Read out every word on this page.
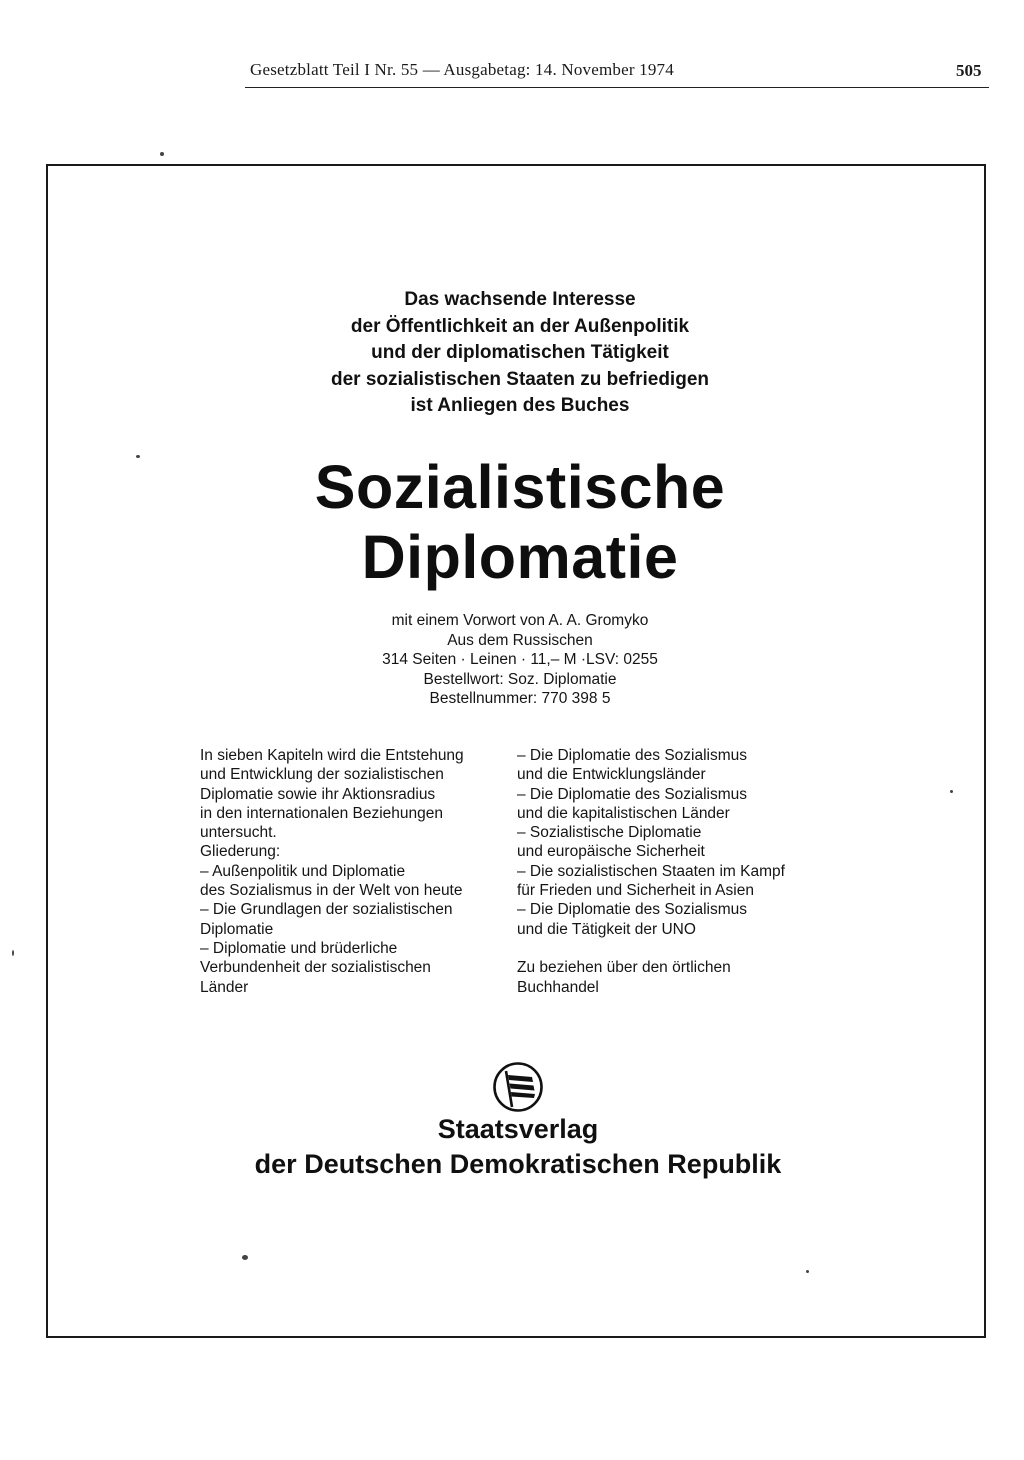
Gesetzblatt Teil I Nr. 55 — Ausgabetag: 14. November 1974	505
Das wachsende Interesse
der Öffentlichkeit an der Außenpolitik
und der diplomatischen Tätigkeit
der sozialistischen Staaten zu befriedigen
ist Anliegen des Buches
Sozialistische
Diplomatie
mit einem Vorwort von A. A. Gromyko
Aus dem Russischen
314 Seiten · Leinen · 11,– M ·LSV: 0255
Bestellwort: Soz. Diplomatie
Bestellnummer: 770 398 5
In sieben Kapiteln wird die Entstehung
und Entwicklung der sozialistischen
Diplomatie sowie ihr Aktionsradius
in den internationalen Beziehungen
untersucht.
Gliederung:
– Außenpolitik und Diplomatie
des Sozialismus in der Welt von heute
– Die Grundlagen der sozialistischen
Diplomatie
– Diplomatie und brüderliche
Verbundenheit der sozialistischen
Länder
– Die Diplomatie des Sozialismus
und die Entwicklungsländer
– Die Diplomatie des Sozialismus
und die kapitalistischen Länder
– Sozialistische Diplomatie
und europäische Sicherheit
– Die sozialistischen Staaten im Kampf
für Frieden und Sicherheit in Asien
– Die Diplomatie des Sozialismus
und die Tätigkeit der UNO
Zu beziehen über den örtlichen
Buchhandel
Staatsverlag
der Deutschen Demokratischen Republik
